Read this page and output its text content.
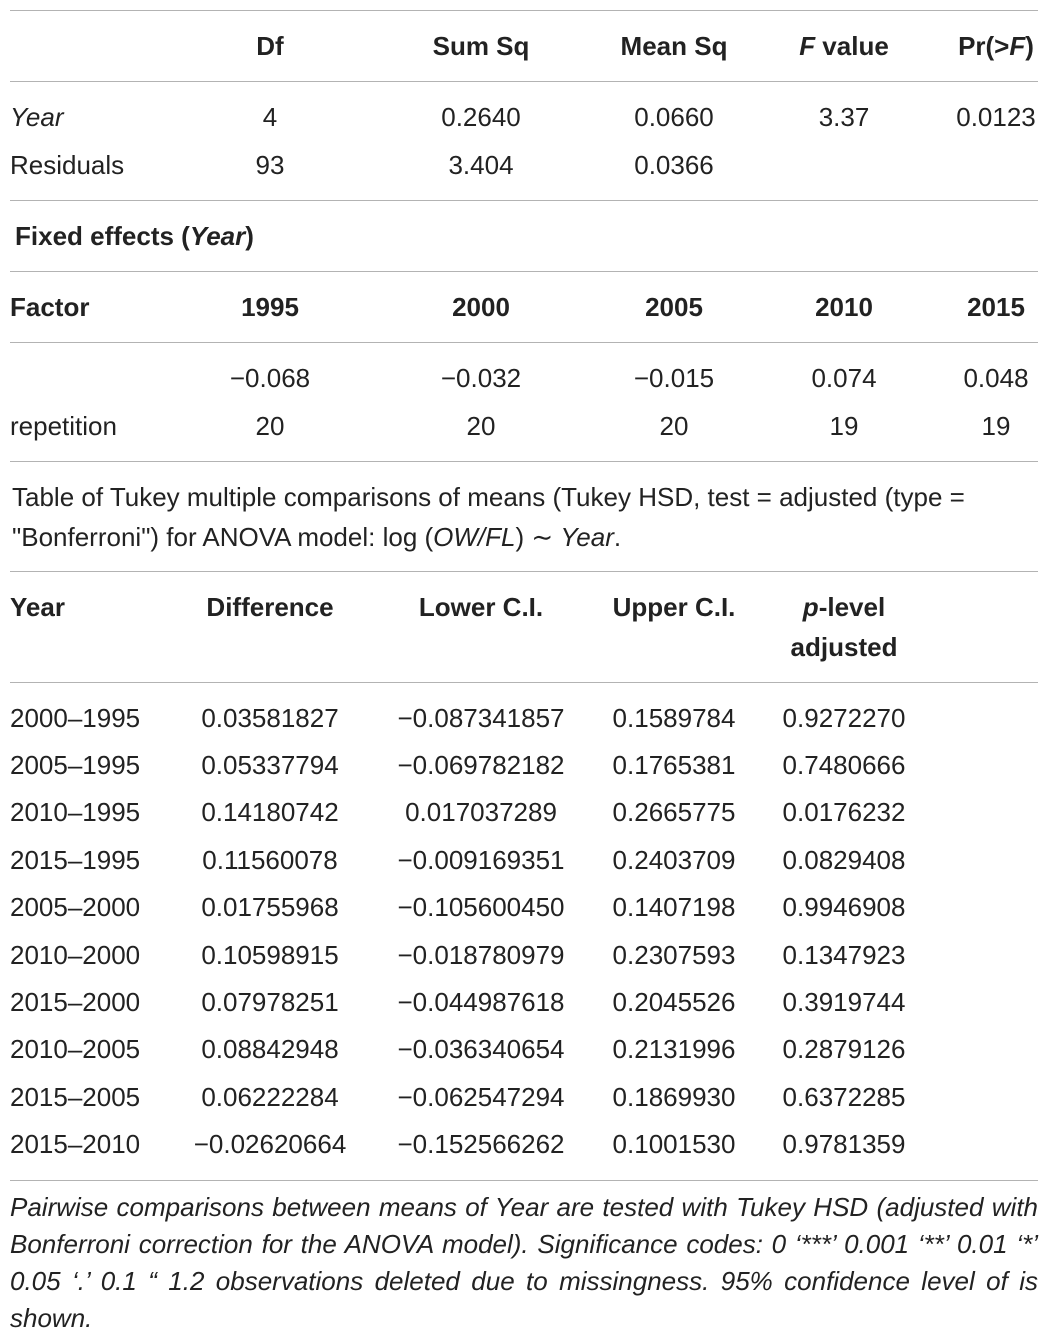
Df	Sum Sq	Mean Sq	F value	Pr(>F)
Year	4	0.2640	0.0660	3.37	0.0123
Residuals	93	3.404	0.0366
Fixed effects (Year)
Factor	1995	2000	2005	2010	2015
−0.068	−0.032	−0.015	0.074	0.048
repetition	20	20	20	19	19
Table of Tukey multiple comparisons of means (Tukey HSD, test = adjusted (type = "Bonferroni") for ANOVA model: log (OW/FL) ∼ Year.
Year	Difference	Lower C.I.	Upper C.I.	p-level
adjusted
2000–1995 0.03581827 −0.087341857 0.1589784 0.9272270
2005–1995 0.05337794 −0.069782182 0.1765381 0.7480666
2010–1995 0.14180742	0.017037289 0.2665775 0.0176232
2015–1995 0.11560078 −0.009169351 0.2403709 0.0829408
2005–2000 0.01755968 −0.105600450 0.1407198 0.9946908
2010–2000 0.10598915 −0.018780979 0.2307593 0.1347923
2015–2000 0.07978251 −0.044987618 0.2045526 0.3919744
2010–2005 0.08842948 −0.036340654 0.2131996 0.2879126
2015–2005 0.06222284 −0.062547294 0.1869930 0.6372285
2015–2010 −0.02620664 −0.152566262 0.1001530 0.9781359
Pairwise comparisons between means of Year are tested with Tukey HSD (adjusted with Bonferroni correction for the ANOVA model). Significance codes: 0 ‘***’ 0.001 ‘**’ 0.01 ‘*’ 0.05 ‘.’ 0.1 “ 1.2 observations deleted due to missingness. 95% confidence level of is shown.
